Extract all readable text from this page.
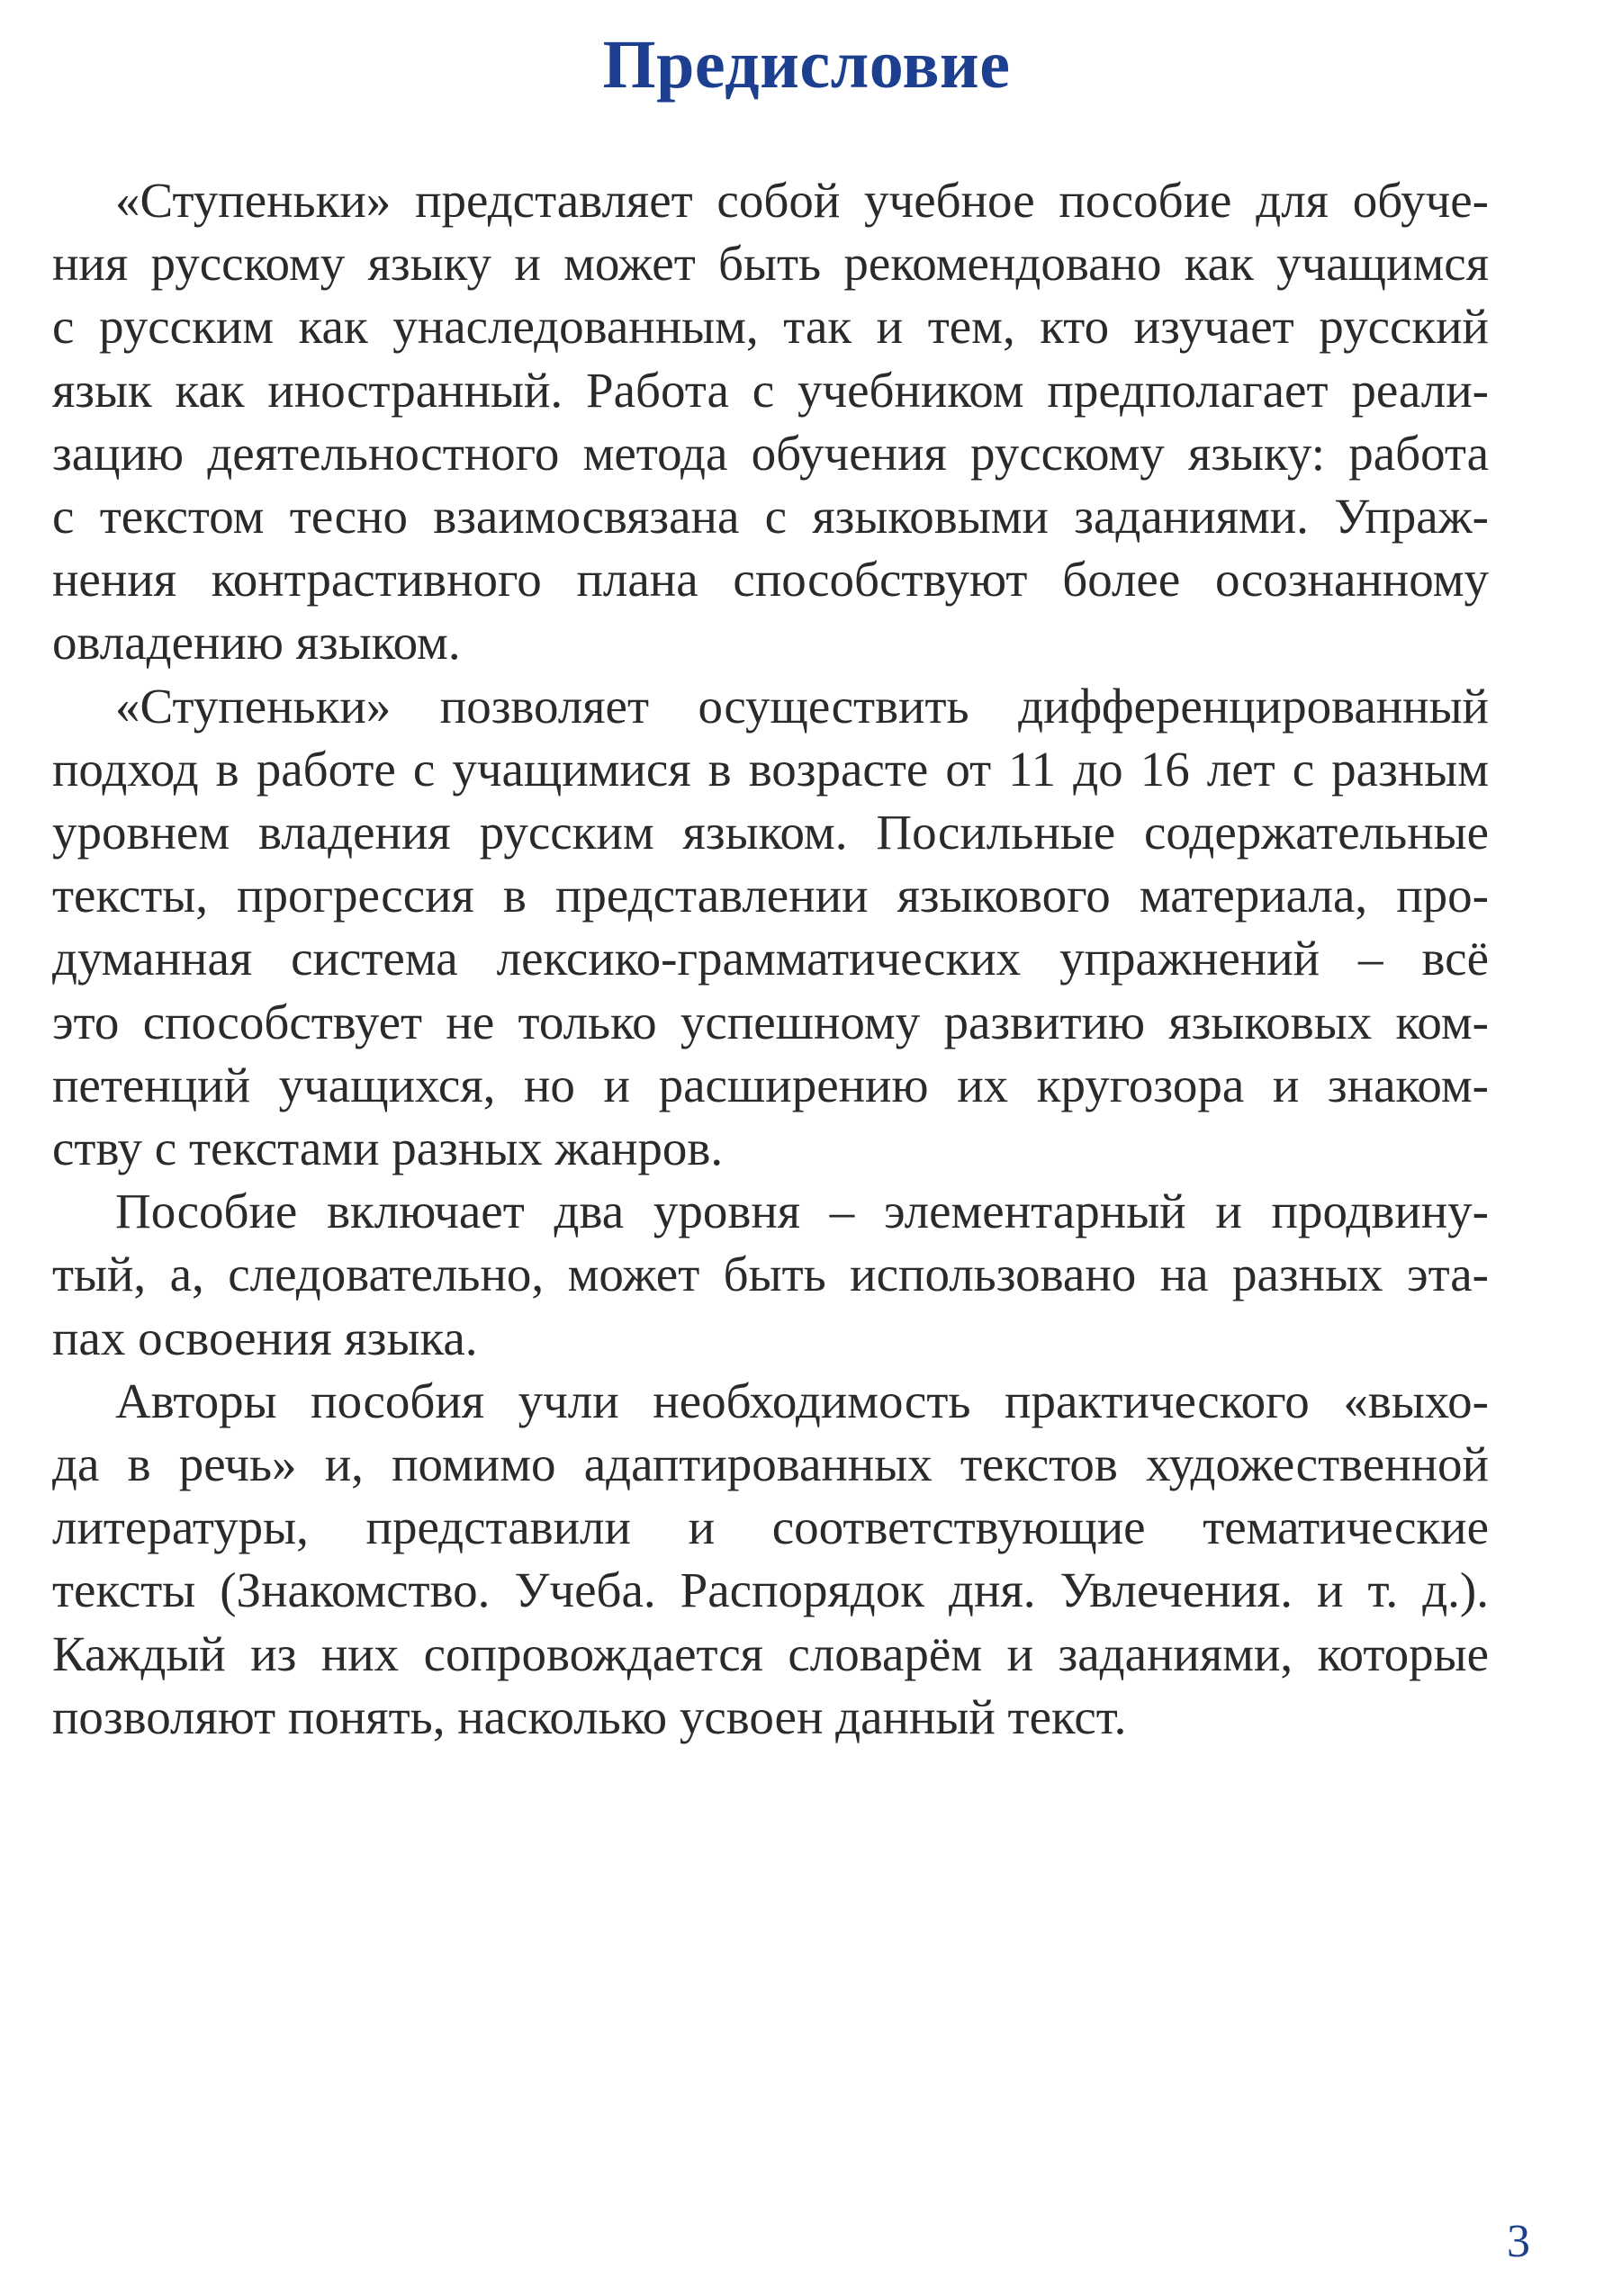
Предисловие

«Ступеньки» представляет собой учебное пособие для обуче-
ния русскому языку и может быть рекомендовано как учащимся
с русским как унаследованным, так и тем, кто изучает русский
язык как иностранный. Работа с учебником предполагает реали-
зацию деятельностного метода обучения русскому языку: работа
с текстом тесно взаимосвязана с языковыми заданиями. Упраж-
нения контрастивного плана способствуют более осознанному
овладению языком.

«Ступеньки» позволяет осуществить дифференцированный
подход в работе с учащимися в возрасте от 11 до 16 лет с разным
уровнем владения русским языком. Посильные содержательные
тексты, прогрессия в представлении языкового материала, про-
думанная система лексико-грамматических упражнений – всё
это способствует не только успешному развитию языковых ком-
петенций учащихся, но и расширению их кругозора и знаком-
ству с текстами разных жанров.

Пособие включает два уровня – элементарный и продвину-
тый, а, следовательно, может быть использовано на разных эта-
пах освоения языка.

Авторы пособия учли необходимость практического «выхо-
да в речь» и, помимо адаптированных текстов художественной
литературы, представили и соответствующие тематические
тексты (Знакомство. Учеба. Распорядок дня. Увлечения. и т. д.).
Каждый из них сопровождается словарём и заданиями, которые
позволяют понять, насколько усвоен данный текст.

3
